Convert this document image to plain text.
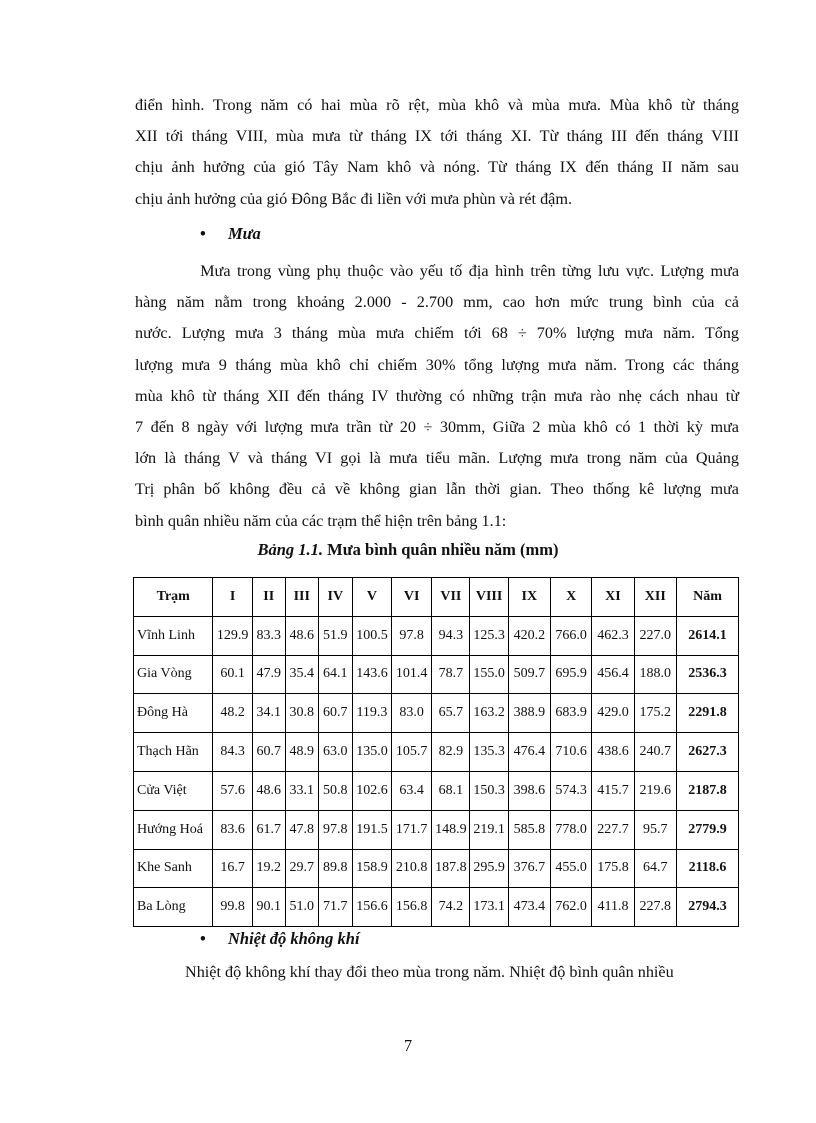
điển hình. Trong năm có hai mùa rõ rệt, mùa khô và mùa mưa. Mùa khô từ tháng
XII tới tháng VIII, mùa mưa từ tháng IX tới tháng XI. Từ tháng III đến tháng VIII
chịu ảnh hưởng của gió Tây Nam khô và nóng. Từ tháng IX đến tháng II năm sau
chịu ảnh hưởng của gió Đông Bắc đi liền với mưa phùn và rét đậm.
• Mưa
Mưa trong vùng phụ thuộc vào yếu tố địa hình trên từng lưu vực. Lượng mưa
hàng năm nằm trong khoảng 2.000 - 2.700 mm, cao hơn mức trung bình của cả
nước. Lượng mưa 3 tháng mùa mưa chiếm tới 68 ÷ 70% lượng mưa năm. Tổng
lượng mưa 9 tháng mùa khô chỉ chiếm 30% tổng lượng mưa năm. Trong các tháng
mùa khô từ tháng XII đến tháng IV thường có những trận mưa rào nhẹ cách nhau từ
7 đến 8 ngày với lượng mưa trần từ 20 ÷ 30mm, Giữa 2 mùa khô có 1 thời kỳ mưa
lớn là tháng V và tháng VI gọi là mưa tiểu mãn. Lượng mưa trong năm của Quảng
Trị phân bố không đều cả về không gian lẫn thời gian. Theo thống kê lượng mưa
bình quân nhiều năm của các trạm thể hiện trên bảng 1.1:
Bảng 1.1. Mưa bình quân nhiều năm (mm)
Trạm	I	II	III	IV	V	VI	VII	VIII	IX	X	XI	XII	Năm
Vĩnh Linh	129.9	83.3	48.6	51.9	100.5	97.8	94.3	125.3	420.2	766.0	462.3	227.0	2614.1
Gia Vòng	60.1	47.9	35.4	64.1	143.6	101.4	78.7	155.0	509.7	695.9	456.4	188.0	2536.3
Đông Hà	48.2	34.1	30.8	60.7	119.3	83.0	65.7	163.2	388.9	683.9	429.0	175.2	2291.8
Thạch Hãn	84.3	60.7	48.9	63.0	135.0	105.7	82.9	135.3	476.4	710.6	438.6	240.7	2627.3
Cửa Việt	57.6	48.6	33.1	50.8	102.6	63.4	68.1	150.3	398.6	574.3	415.7	219.6	2187.8
Hướng Hoá	83.6	61.7	47.8	97.8	191.5	171.7	148.9	219.1	585.8	778.0	227.7	95.7	2779.9
Khe Sanh	16.7	19.2	29.7	89.8	158.9	210.8	187.8	295.9	376.7	455.0	175.8	64.7	2118.6
Ba Lòng	99.8	90.1	51.0	71.7	156.6	156.8	74.2	173.1	473.4	762.0	411.8	227.8	2794.3
• Nhiệt độ không khí
Nhiệt độ không khí thay đổi theo mùa trong năm. Nhiệt độ bình quân nhiều
7
